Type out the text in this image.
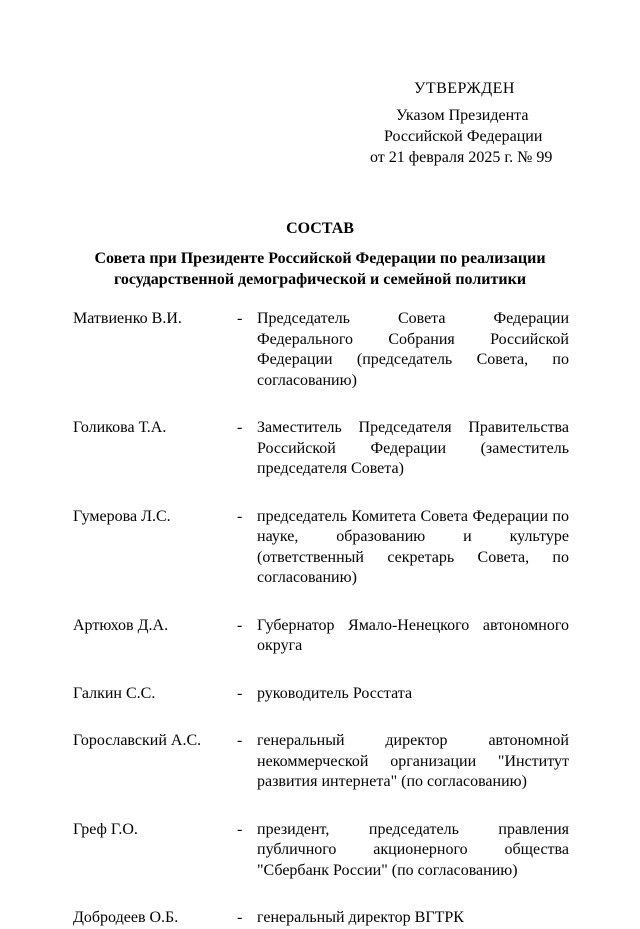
УТВЕРЖДЕН
Указом Президента
Российской Федерации
от 21 февраля 2025 г. № 99
СОСТАВ
Совета при Президенте Российской Федерации по реализации государственной демографической и семейной политики
Матвиенко В.И.	- Председатель Совета Федерации Федерального Собрания Российской Федерации (председатель Совета, по согласованию)
Голикова Т.А.	- Заместитель Председателя Правительства Российской Федерации (заместитель председателя Совета)
Гумерова Л.С.	- председатель Комитета Совета Федерации по науке, образованию и культуре (ответственный секретарь Совета, по согласованию)
Артюхов Д.А.	- Губернатор Ямало-Ненецкого автономного округа
Галкин С.С.	- руководитель Росстата
Горославский А.С.	- генеральный директор автономной некоммерческой организации "Институт развития интернета" (по согласованию)
Греф Г.О.	- президент, председатель правления публичного акционерного общества "Сбербанк России" (по согласованию)
Добродеев О.Б.	- генеральный директор ВГТРК
